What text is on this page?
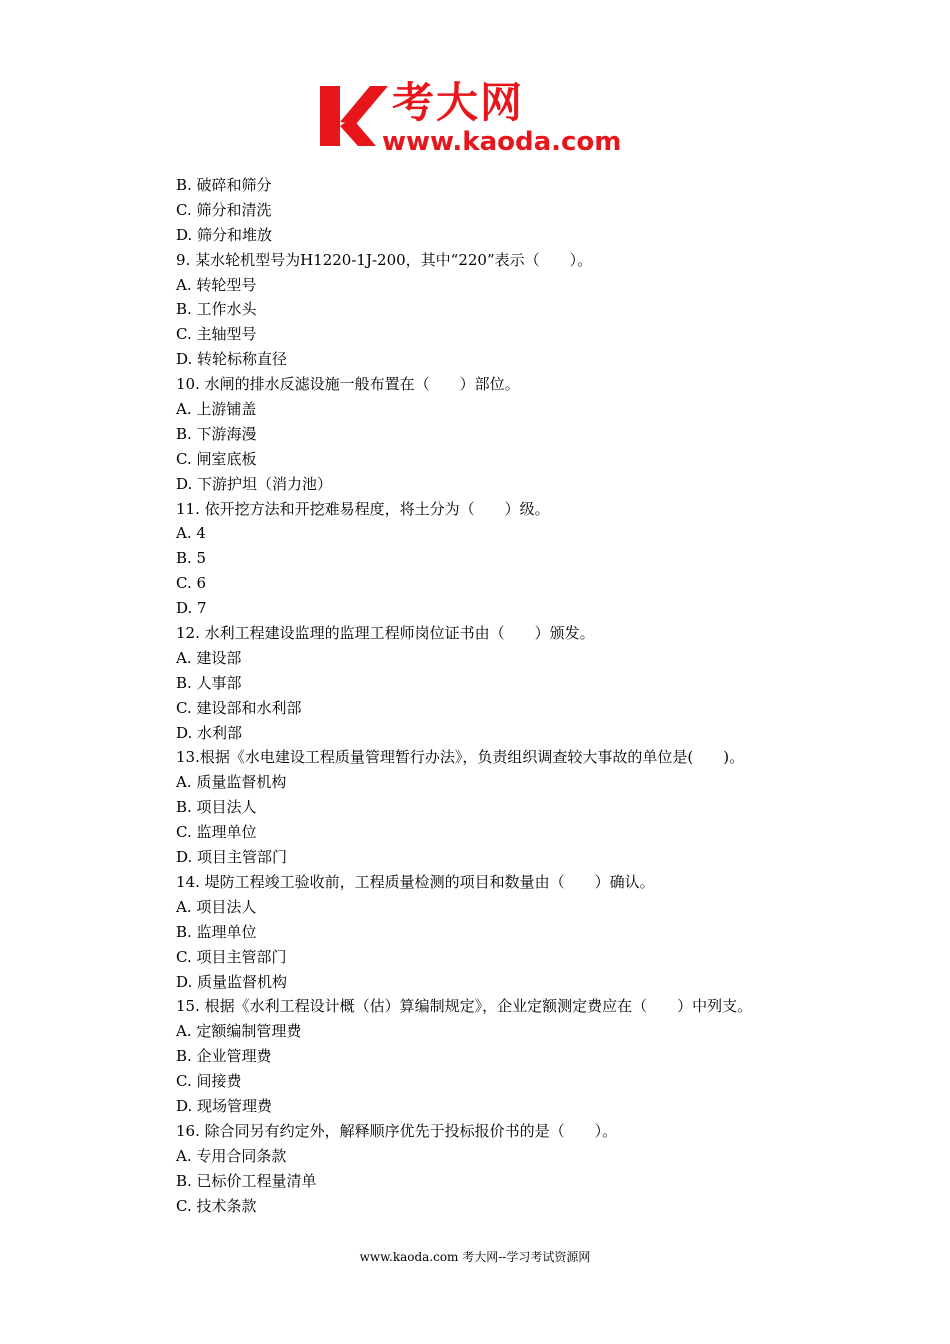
考大网
www.kaoda.com
B. 破碎和筛分
C. 筛分和清洗
D. 筛分和堆放
9. 某水轮机型号为H1220-1J-200，其中“220”表示（　　）。
A. 转轮型号
B. 工作水头
C. 主轴型号
D. 转轮标称直径
10. 水闸的排水反滤设施一般布置在（　　）部位。
A. 上游铺盖
B. 下游海漫
C. 闸室底板
D. 下游护坦（消力池）
11. 依开挖方法和开挖难易程度，将土分为（　　）级。
A. 4
B. 5
C. 6
D. 7
12. 水利工程建设监理的监理工程师岗位证书由（　　）颁发。
A. 建设部
B. 人事部
C. 建设部和水利部
D. 水利部
13.根据《水电建设工程质量管理暂行办法》，负责组织调查较大事故的单位是(　　)。
A. 质量监督机构
B. 项目法人
C. 监理单位
D. 项目主管部门
14. 堤防工程竣工验收前，工程质量检测的项目和数量由（　　）确认。
A. 项目法人
B. 监理单位
C. 项目主管部门
D. 质量监督机构
15. 根据《水利工程设计概（估）算编制规定》，企业定额测定费应在（　　）中列支。
A. 定额编制管理费
B. 企业管理费
C. 间接费
D. 现场管理费
16. 除合同另有约定外，解释顺序优先于投标报价书的是（　　）。
A. 专用合同条款
B. 已标价工程量清单
C. 技术条款
www.kaoda.com 考大网--学习考试资源网
